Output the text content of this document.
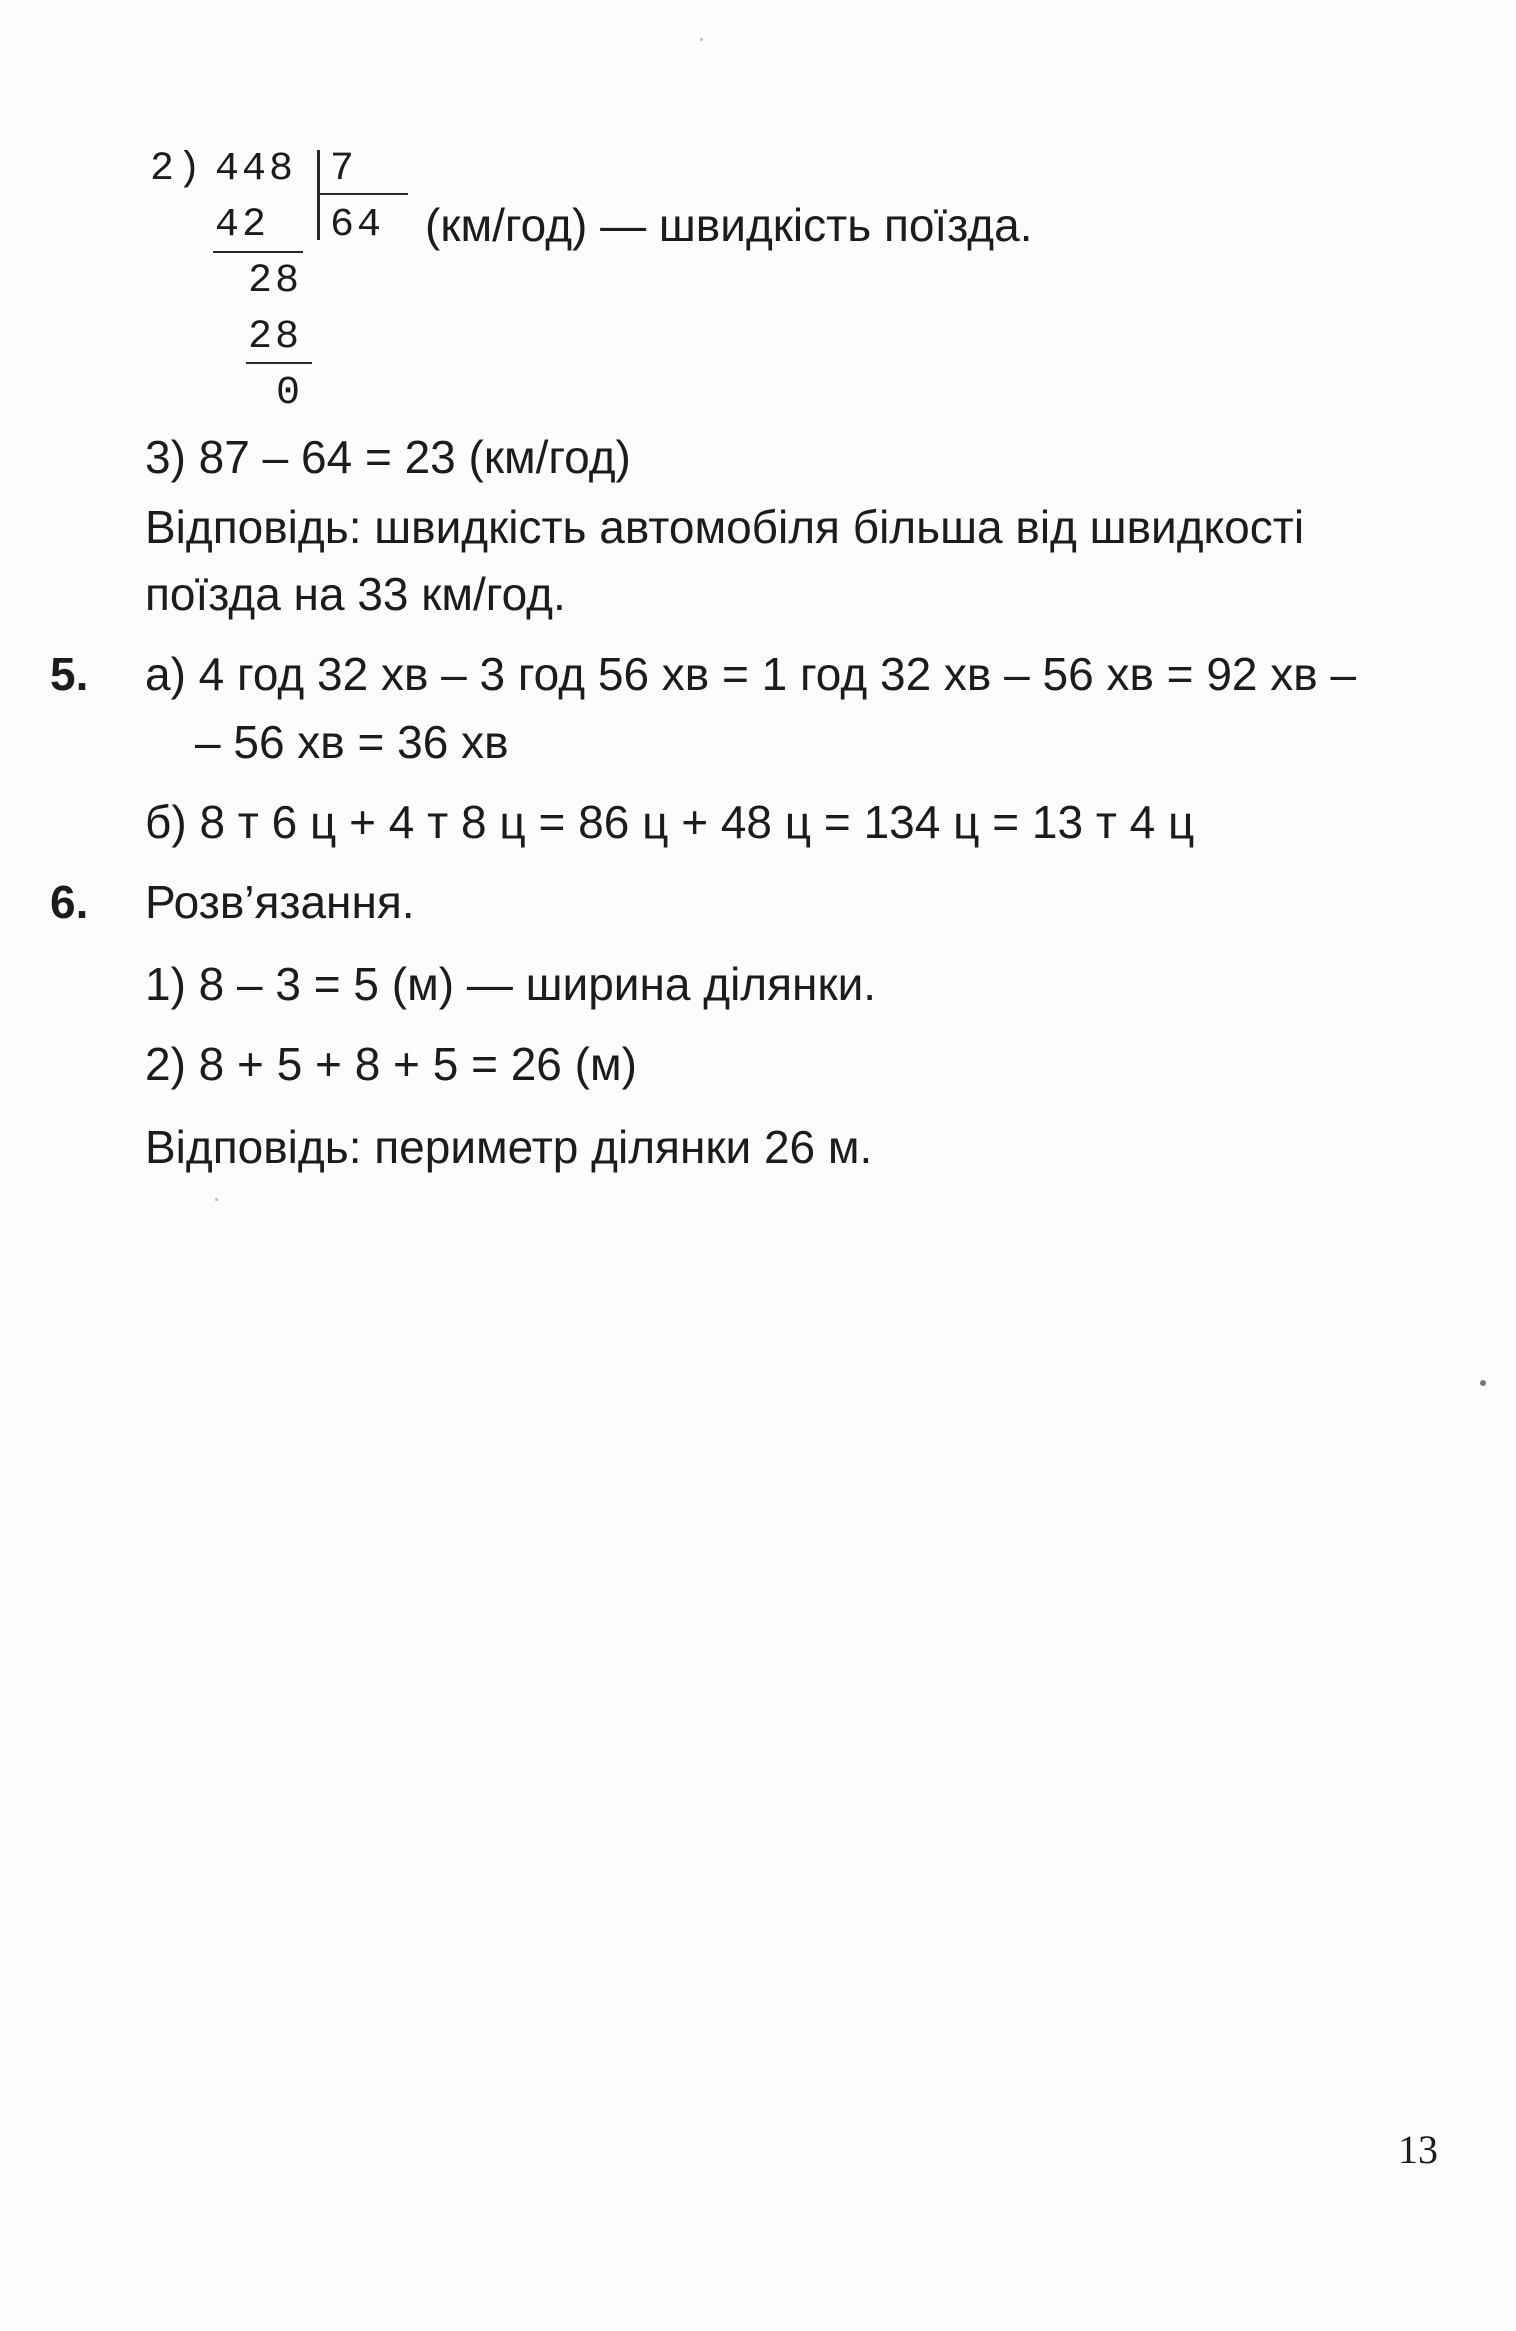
2) 448 7
42 64 (км/год) — швидкість поїзда.
28
28
0
3) 87 – 64 = 23 (км/год)
Відповідь: швидкість автомобіля більша від швидкості
поїзда на 33 км/год.
5. а) 4 год 32 хв – 3 год 56 хв = 1 год 32 хв – 56 хв = 92 хв –
– 56 хв = 36 хв
б) 8 т 6 ц + 4 т 8 ц = 86 ц + 48 ц = 134 ц = 13 т 4 ц
6. Розв’язання.
1) 8 – 3 = 5 (м) — ширина ділянки.
2) 8 + 5 + 8 + 5 = 26 (м)
Відповідь: периметр ділянки 26 м.
13
